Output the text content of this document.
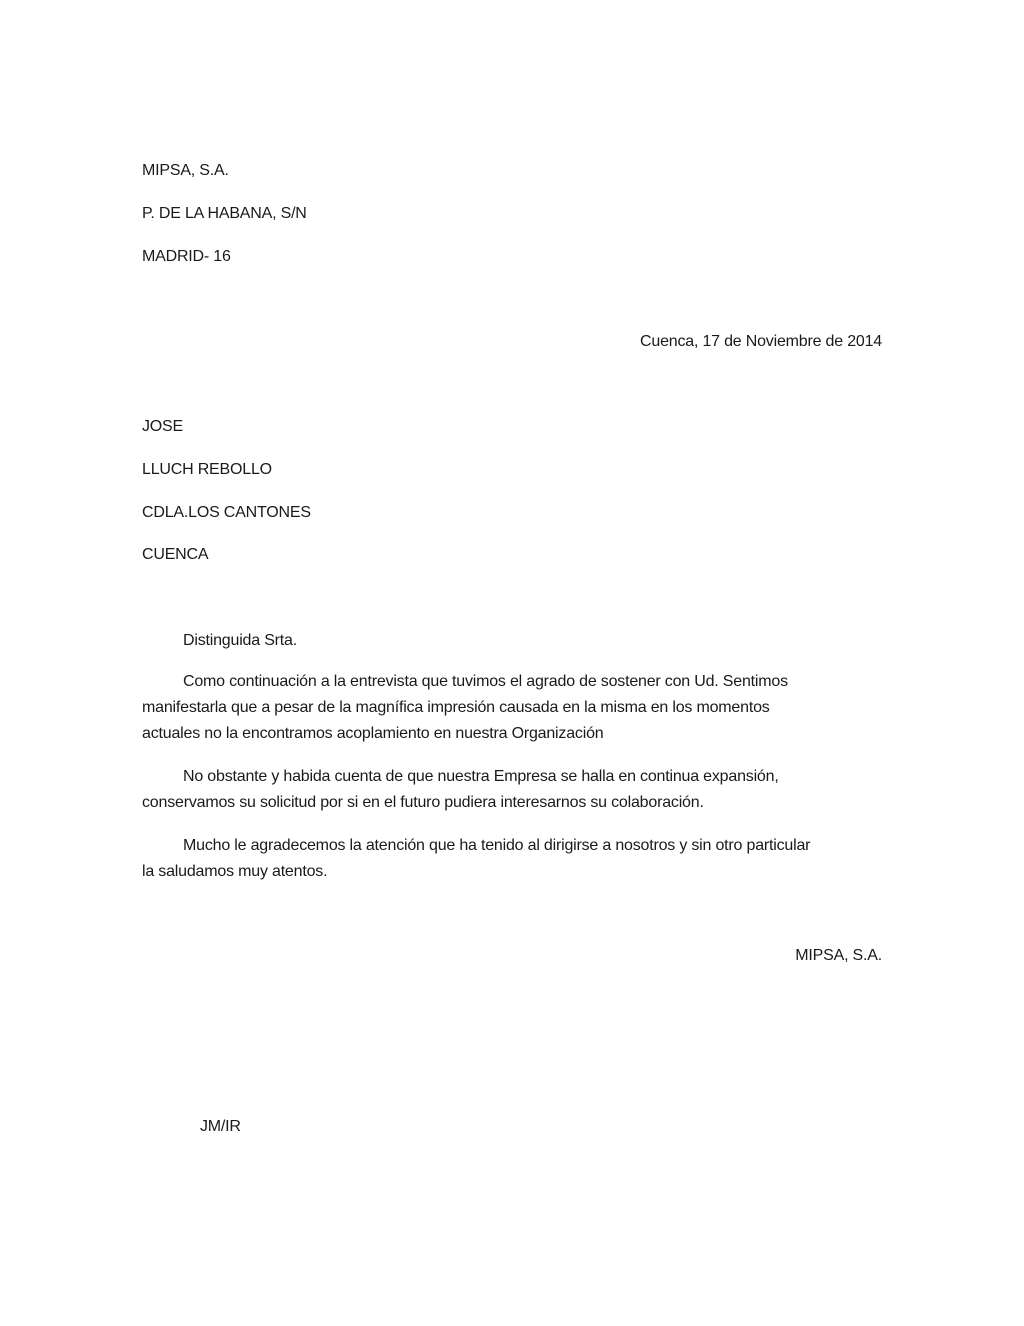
MIPSA, S.A.
P. DE LA HABANA, S/N
MADRID- 16
Cuenca, 17 de Noviembre de 2014
JOSE
LLUCH REBOLLO
CDLA.LOS CANTONES
CUENCA
Distinguida Srta.
Como continuación a la entrevista que tuvimos el agrado de sostener con Ud. Sentimos
manifestarla que a pesar de la magnífica impresión causada en la misma en los momentos
actuales no la encontramos acoplamiento en nuestra Organización
No obstante y habida cuenta de que nuestra Empresa se halla en continua expansión,
conservamos su solicitud por si en el futuro pudiera interesarnos su colaboración.
Mucho le agradecemos la atención que ha tenido al dirigirse a nosotros y sin otro particular
la saludamos muy atentos.
MIPSA, S.A.
JM/IR
